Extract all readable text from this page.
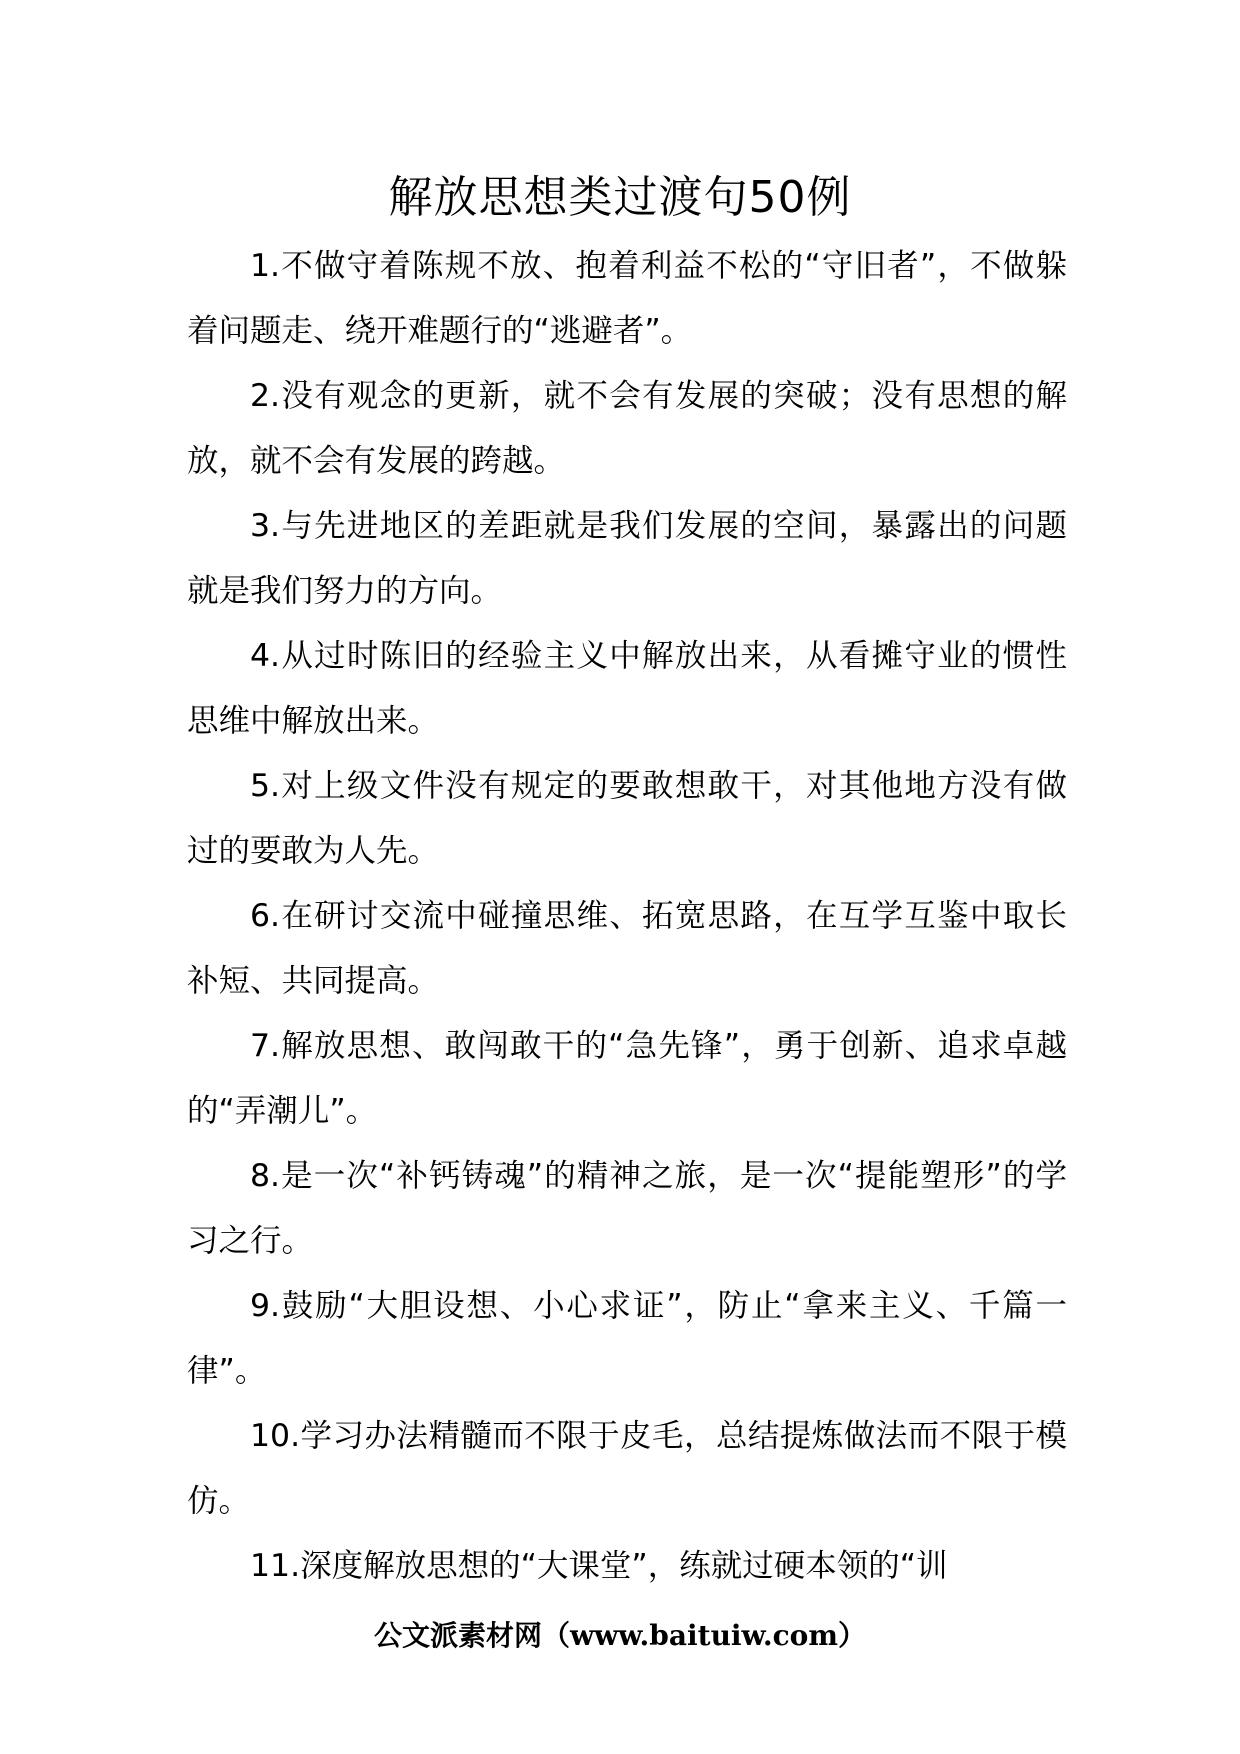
解放思想类过渡句50例

1.不做守着陈规不放、抱着利益不松的“守旧者”，不做躲着问题走、绕开难题行的“逃避者”。

2.没有观念的更新，就不会有发展的突破；没有思想的解放，就不会有发展的跨越。

3.与先进地区的差距就是我们发展的空间，暴露出的问题就是我们努力的方向。

4.从过时陈旧的经验主义中解放出来，从看摊守业的惯性思维中解放出来。

5.对上级文件没有规定的要敢想敢干，对其他地方没有做过的要敢为人先。

6.在研讨交流中碰撞思维、拓宽思路，在互学互鉴中取长补短、共同提高。

7.解放思想、敢闯敢干的“急先锋”，勇于创新、追求卓越的“弄潮儿”。

8.是一次“补钙铸魂”的精神之旅，是一次“提能塑形”的学习之行。

9.鼓励“大胆设想、小心求证”，防止“拿来主义、千篇一律”。

10.学习办法精髓而不限于皮毛，总结提炼做法而不限于模仿。

11.深度解放思想的“大课堂”，练就过硬本领的“训

公文派素材网（www.baituiw.com）
